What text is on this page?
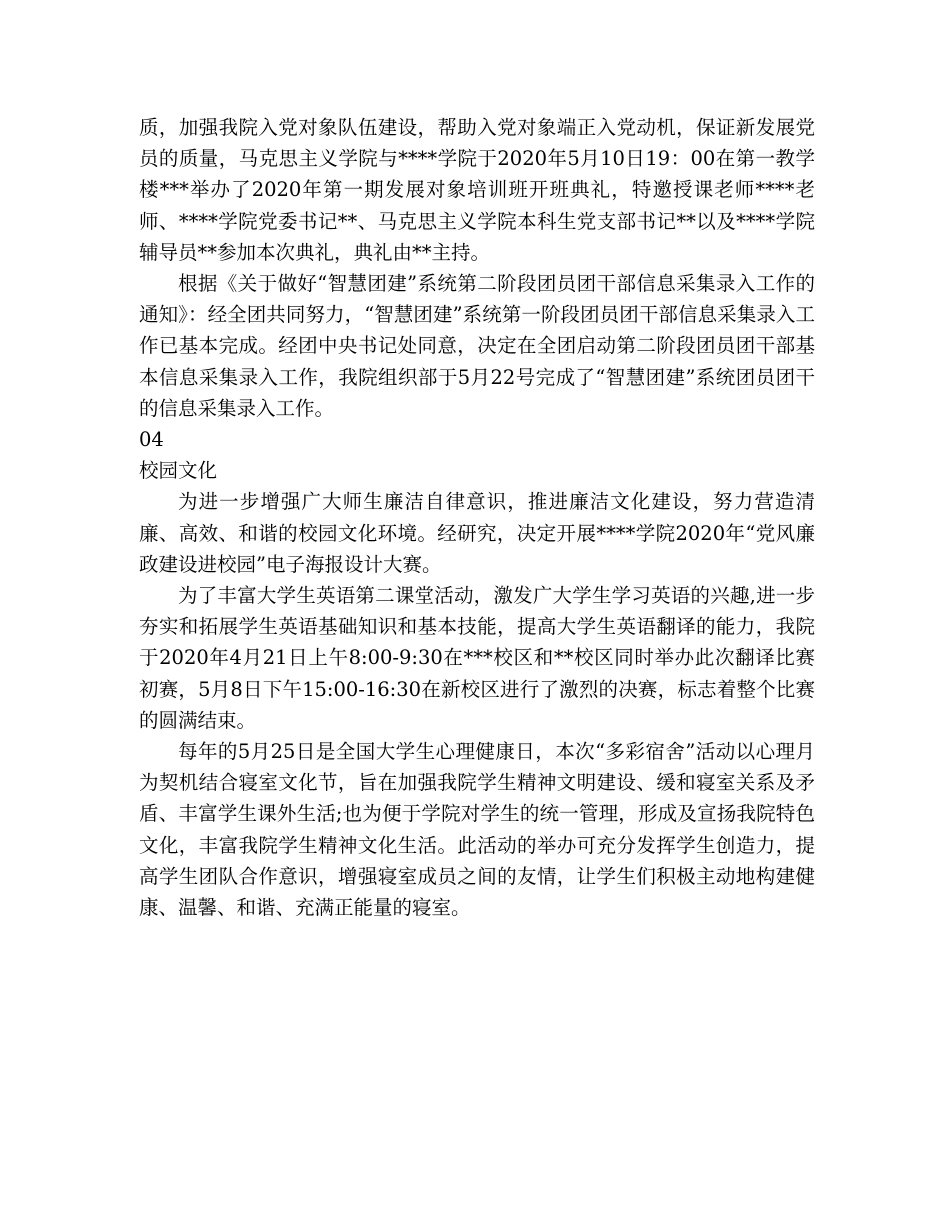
质，加强我院入党对象队伍建设，帮助入党对象端正入党动机，保证新发展党员的质量，马克思主义学院与****学院于2020年5月10日19：00在第一教学楼***举办了2020年第一期发展对象培训班开班典礼，特邀授课老师****老师、****学院党委书记**、马克思主义学院本科生党支部书记**以及****学院辅导员**参加本次典礼，典礼由**主持。

根据《关于做好“智慧团建”系统第二阶段团员团干部信息采集录入工作的通知》：经全团共同努力，“智慧团建”系统第一阶段团员团干部信息采集录入工作已基本完成。经团中央书记处同意，决定在全团启动第二阶段团员团干部基本信息采集录入工作，我院组织部于5月22号完成了“智慧团建”系统团员团干的信息采集录入工作。

04

校园文化

为进一步增强广大师生廉洁自律意识，推进廉洁文化建设，努力营造清廉、高效、和谐的校园文化环境。经研究，决定开展****学院2020年“党风廉政建设进校园”电子海报设计大赛。

为了丰富大学生英语第二课堂活动，激发广大学生学习英语的兴趣,进一步夯实和拓展学生英语基础知识和基本技能，提高大学生英语翻译的能力，我院于2020年4月21日上午8:00-9:30在***校区和**校区同时举办此次翻译比赛初赛，5月8日下午15:00-16:30在新校区进行了激烈的决赛，标志着整个比赛的圆满结束。

每年的5月25日是全国大学生心理健康日，本次“多彩宿舍”活动以心理月为契机结合寝室文化节，旨在加强我院学生精神文明建设、缓和寝室关系及矛盾、丰富学生课外生活;也为便于学院对学生的统一管理，形成及宣扬我院特色文化，丰富我院学生精神文化生活。此活动的举办可充分发挥学生创造力，提高学生团队合作意识，增强寝室成员之间的友情，让学生们积极主动地构建健康、温馨、和谐、充满正能量的寝室。
